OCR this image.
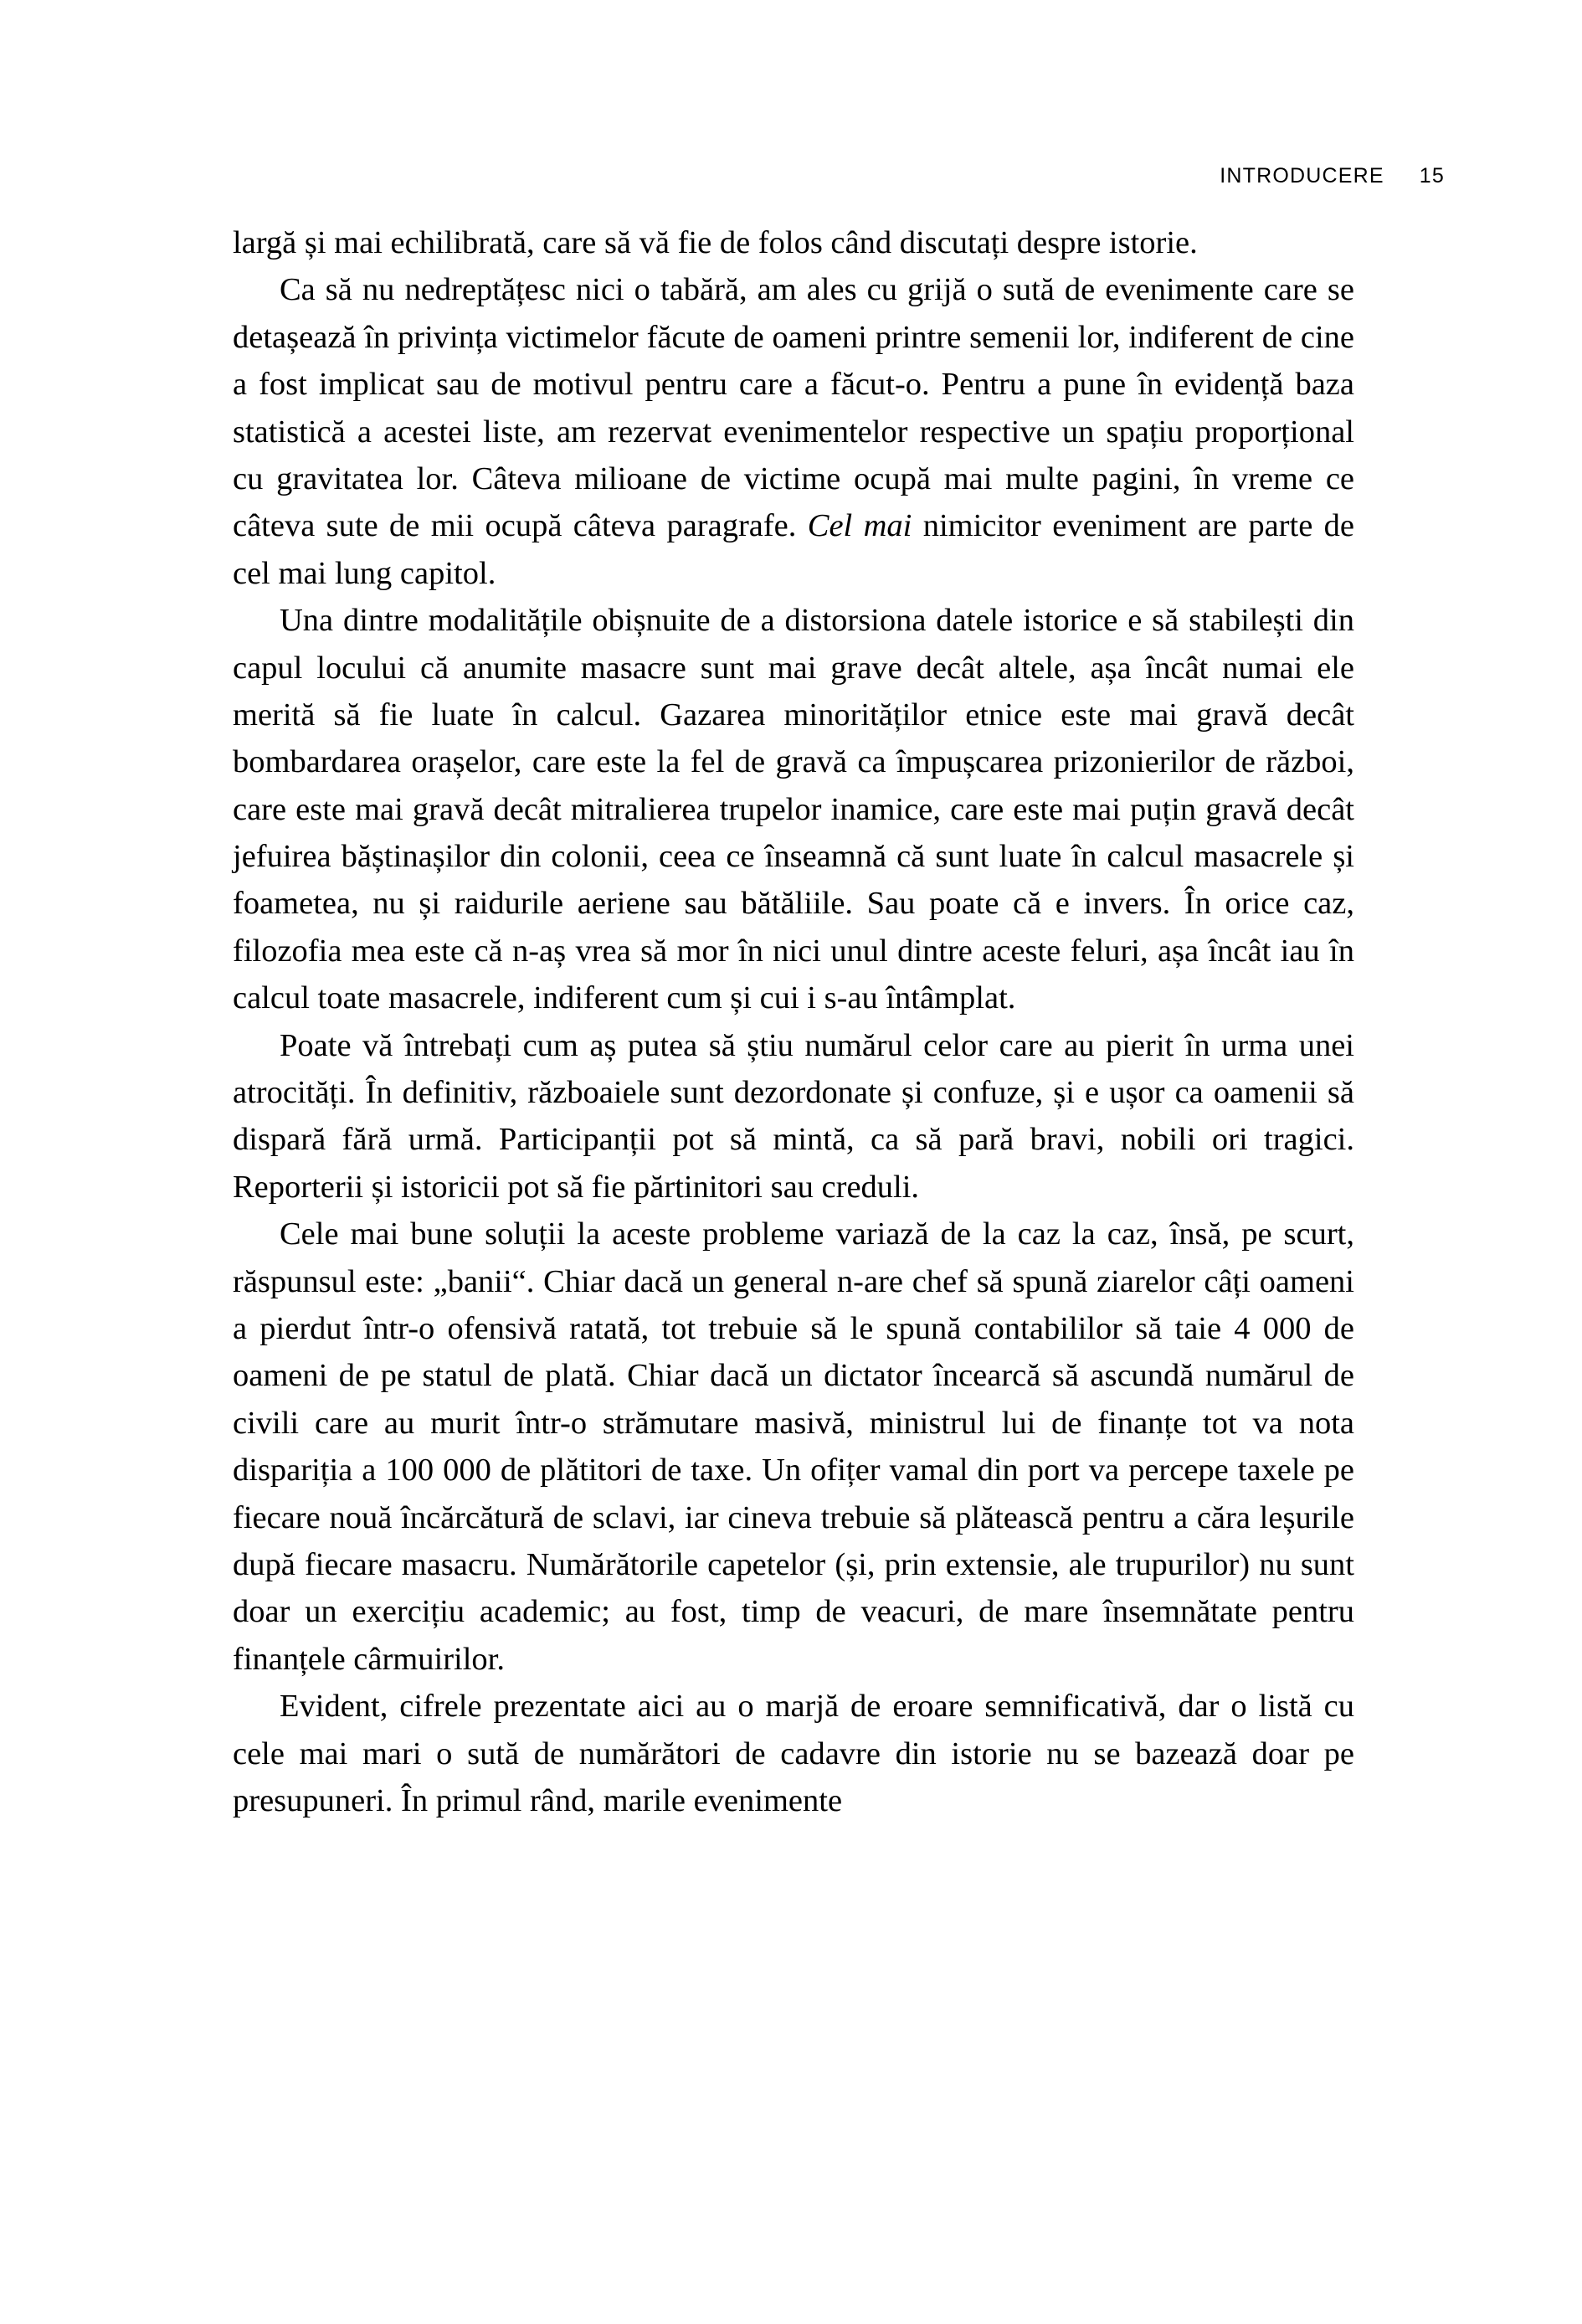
INTRODUCERE 15

largă și mai echilibrată, care să vă fie de folos când discutați despre istorie.

Ca să nu nedreptățesc nici o tabără, am ales cu grijă o sută de evenimente care se detașează în privința victimelor făcute de oameni printre semenii lor, indiferent de cine a fost implicat sau de motivul pentru care a făcut-o. Pentru a pune în evidență baza statistică a acestei liste, am rezervat evenimentelor respective un spațiu proporțional cu gravitatea lor. Câteva milioane de victime ocupă mai multe pagini, în vreme ce câteva sute de mii ocupă câteva paragrafe. Cel mai nimicitor eveniment are parte de cel mai lung capitol.

Una dintre modalitățile obișnuite de a distorsiona datele istorice e să stabilești din capul locului că anumite masacre sunt mai grave decât altele, așa încât numai ele merită să fie luate în calcul. Gazarea minorităților etnice este mai gravă decât bombardarea orașelor, care este la fel de gravă ca împușcarea prizonierilor de război, care este mai gravă decât mitralierea trupelor inamice, care este mai puțin gravă decât jefuirea băștinașilor din colonii, ceea ce înseamnă că sunt luate în calcul masacrele și foametea, nu și raidurile aeriene sau bătăliile. Sau poate că e invers. În orice caz, filozofia mea este că n-aș vrea să mor în nici unul dintre aceste feluri, așa încât iau în calcul toate masacrele, indiferent cum și cui i s-au întâmplat.

Poate vă întrebați cum aș putea să știu numărul celor care au pierit în urma unei atrocități. În definitiv, războaiele sunt dezordonate și confuze, și e ușor ca oamenii să dispară fără urmă. Participanții pot să mintă, ca să pară bravi, nobili ori tragici. Reporterii și istoricii pot să fie părtinitori sau creduli.

Cele mai bune soluții la aceste probleme variază de la caz la caz, însă, pe scurt, răspunsul este: „banii“. Chiar dacă un general n-are chef să spună ziarelor câți oameni a pierdut într-o ofensivă ratată, tot trebuie să le spună contabililor să taie 4 000 de oameni de pe statul de plată. Chiar dacă un dictator încearcă să ascundă numărul de civili care au murit într-o strămutare masivă, ministrul lui de finanțe tot va nota dispariția a 100 000 de plătitori de taxe. Un ofițer vamal din port va percepe taxele pe fiecare nouă încărcătură de sclavi, iar cineva trebuie să plătească pentru a căra leșurile după fiecare masacru. Numărătorile capetelor (și, prin extensie, ale trupurilor) nu sunt doar un exercițiu academic; au fost, timp de veacuri, de mare însemnătate pentru finanțele cârmuirilor.

Evident, cifrele prezentate aici au o marjă de eroare semnificativă, dar o listă cu cele mai mari o sută de numărători de cadavre din istorie nu se bazează doar pe presupuneri. În primul rând, marile evenimente
